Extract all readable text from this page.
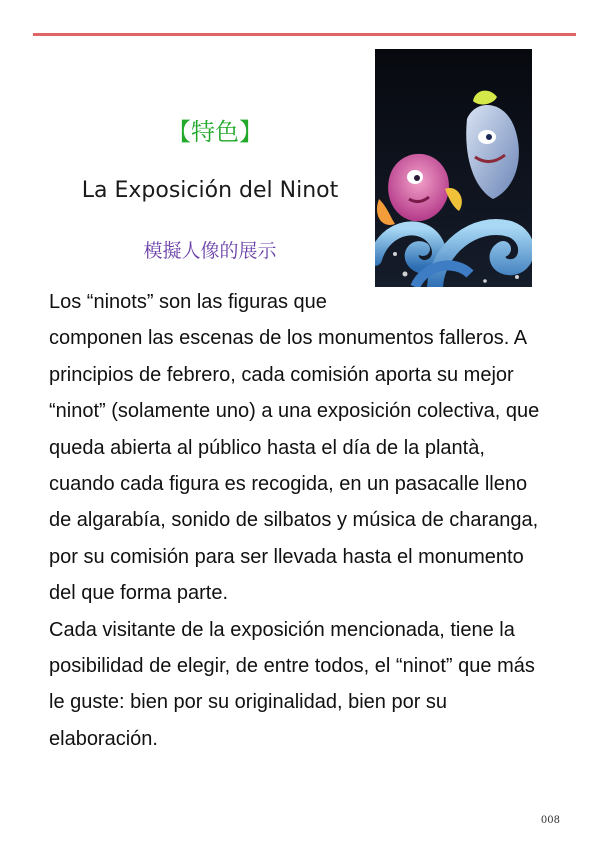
【特色】
La Exposición del Ninot
模擬人像的展示

Los “ninots” son las figuras que
componen las escenas de los monumentos falleros. A principios de febrero, cada comisión aporta su mejor “ninot” (solamente uno) a una exposición colectiva, que queda abierta al público hasta el día de la plantà, cuando cada figura es recogida, en un pasacalle lleno de algarabía, sonido de silbatos y música de charanga, por su comisión para ser llevada hasta el monumento del que forma parte.

Cada visitante de la exposición mencionada, tiene la posibilidad de elegir, de entre todos, el “ninot” que más le guste: bien por su originalidad, bien por su elaboración.

008
